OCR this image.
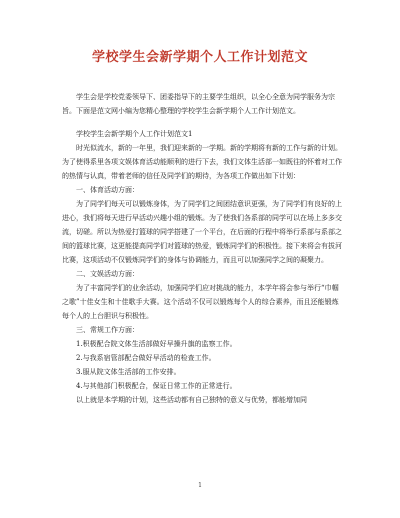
学校学生会新学期个人工作计划范文

学生会是学校党委领导下、团委指导下的主要学生组织，以全心全意为同学服务为宗旨。下面是范文网小编为您精心整理的学校学生会新学期个人工作计划范文。

学校学生会新学期个人工作计划范文1

时光似流水，新的一年里，我们迎来新的一学期。新的学期将有新的工作与新的计划。为了使得系里各项文娱体育活动能顺利的进行下去，我们文体生活部一如既往的怀着对工作的热情与认真，带着老师的信任及同学们的期待，为各项工作做出如下计划：

一、体育活动方面：

为了同学们每天可以锻炼身体，为了同学们之间团结意识更强，为了同学们有良好的上进心，我们将每天进行早活动兴趣小组的锻炼。为了使我们各系部的同学可以在场上多多交流，切磋。所以为热爱打篮球的同学搭建了一个平台，在后面的行程中将举行系部与系部之间的篮球比赛，这更能提高同学们对篮球的热爱，锻炼同学们的积极性。接下来将会有拔河比赛，这项活动不仅锻炼同学们的身体与协调能力，而且可以加强同学之间的凝聚力。

二、文娱活动方面：

为了丰富同学们的业余活动，加强同学们应对挑战的能力，本学年将会参与举行“巾帼之歌”十佳女生和十佳歌手大赛。这个活动不仅可以锻炼每个人的综合素养，而且还能锻炼每个人的上台胆识与积极性。

三、常规工作方面：

1.积极配合院文体生活部做好早操升旗的监察工作。

2.与我系宿管部配合做好早活动的检查工作。

3.服从院文体生活部的工作安排。

4.与其他部门积极配合，保证日常工作的正常进行。

以上就是本学期的计划，这些活动都有自己独特的意义与优势，都能增加同

1
